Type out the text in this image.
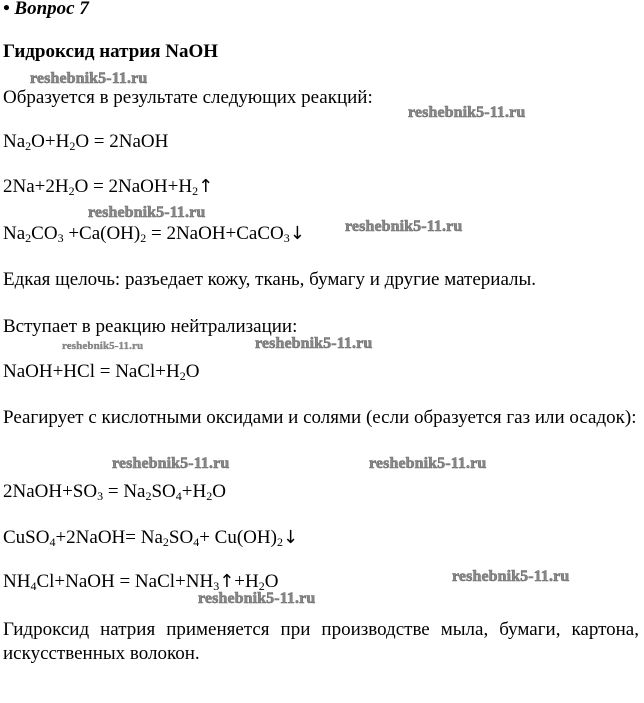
• Вопрос 7
Гидроксид натрия NaOH
Образуется в результате следующих реакций:
$Na_2O+H_2O$ = 2NaOH
$2Na+2H_2O$ = $2NaOH+H_2↑$
$Na_2CO_3 +Ca(OH)_2$ = 2NaOH+CaCO$_3$↓
Едкая щелочь: разъедает кожу, ткань, бумагу и другие материалы.
Вступает в реакцию нейтрализации:
NaOH+HCl = $NaCl+H_2O$
Реагирует с кислотными оксидами и солями (если образуется газ или осадок):
$2NaOH+SO_3 = Na_2SO_4+H_2O$
CuSO$_4$+2NaOH= $Na_2SO_4+$ $Cu(OH)_2↓$
$NH_4Cl+NaOH$ = $NaCl+NH_3↑+H_2O$
Гидроксид натрия применяется при производстве мыла, бумаги, картона, искусственных волокон.
reshebnik5-11.ru
reshebnik5-11.ru
reshebnik5-11.ru
reshebnik5-11.ru
reshebnik5-11.ru	reshebnik5-11.ru
reshebnik5-11.ru	reshebnik5-11.ru
reshebnik5-11.ru
reshebnik5-11.ru
